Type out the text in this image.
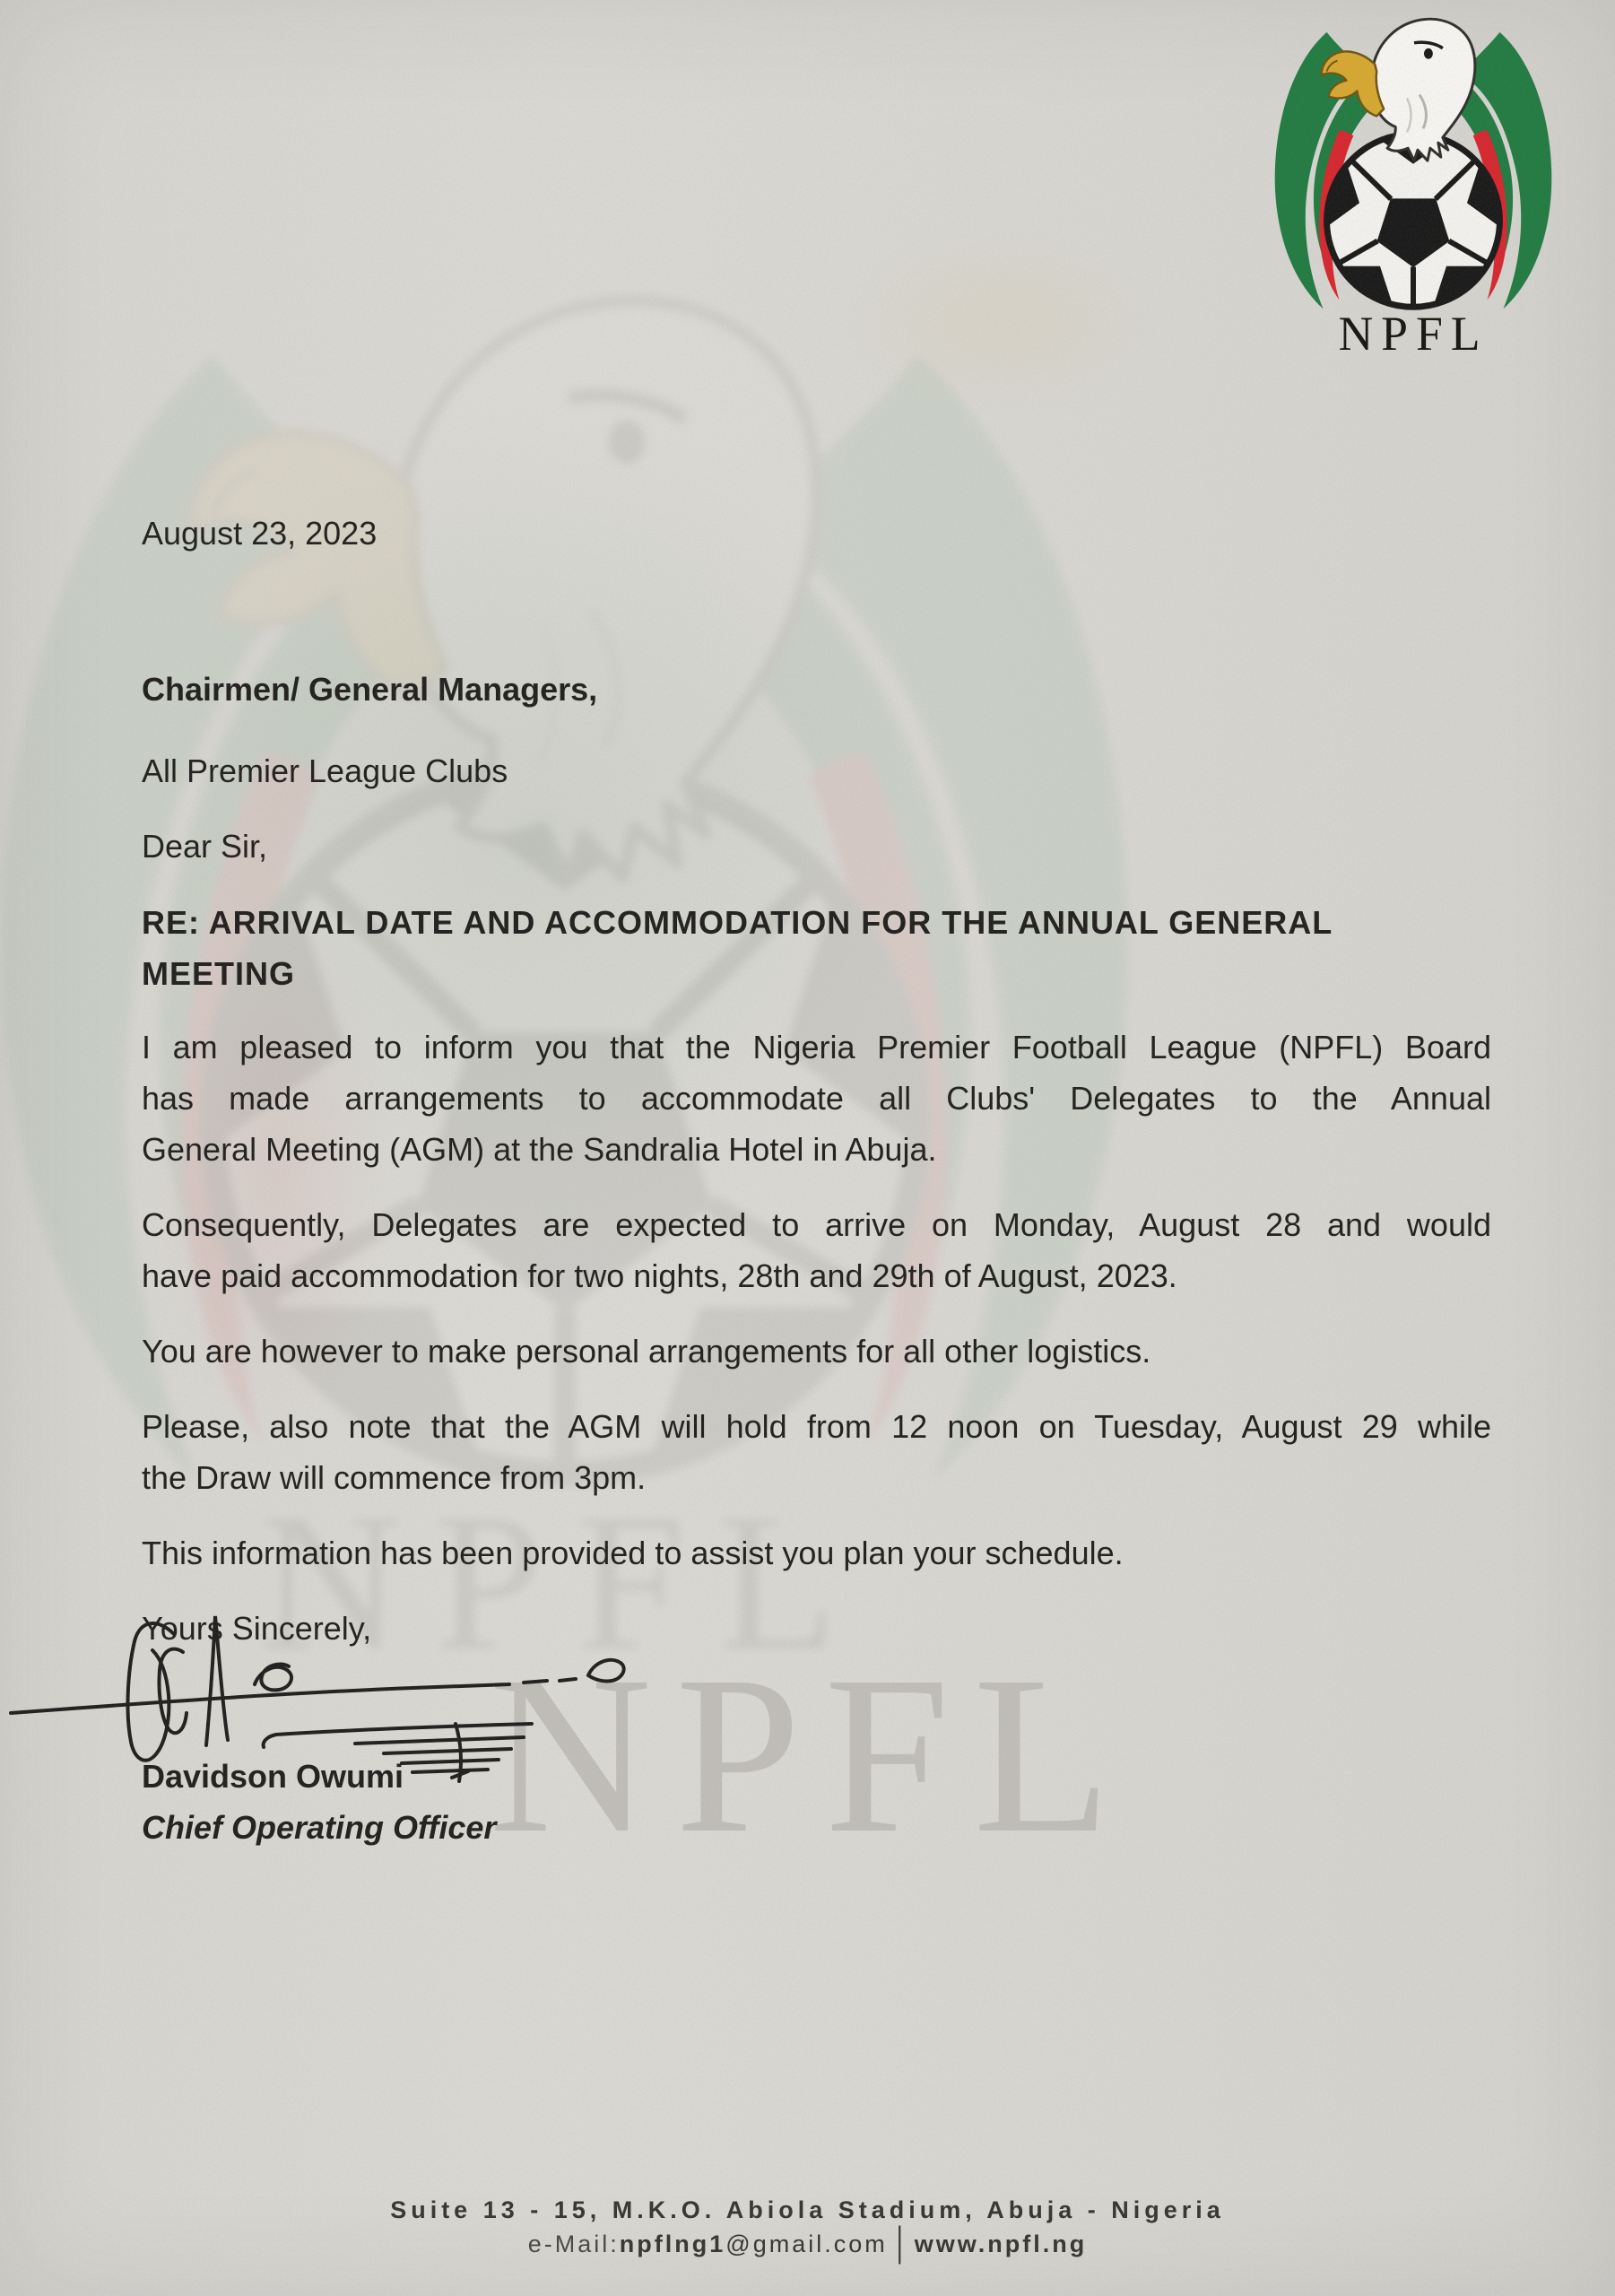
NPFL
August 23, 2023
Chairmen/ General Managers,
All Premier League Clubs
Dear Sir,
RE: ARRIVAL DATE AND ACCOMMODATION FOR THE ANNUAL GENERAL MEETING
I am pleased to inform you that the Nigeria Premier Football League (NPFL) Board
has made arrangements to accommodate all Clubs' Delegates to the Annual
General Meeting (AGM) at the Sandralia Hotel in Abuja.
Consequently, Delegates are expected to arrive on Monday, August 28 and would
have paid accommodation for two nights, 28th and 29th of August, 2023.
You are however to make personal arrangements for all other logistics.
Please, also note that the AGM will hold from 12 noon on Tuesday, August 29 while
the Draw will commence from 3pm.
This information has been provided to assist you plan your schedule.
Yours Sincerely,
Davidson Owumi
Chief Operating Officer
Suite 13 - 15, M.K.O. Abiola Stadium, Abuja - Nigeria
e-Mail:npflng1@gmail.com | www.npfl.ng
